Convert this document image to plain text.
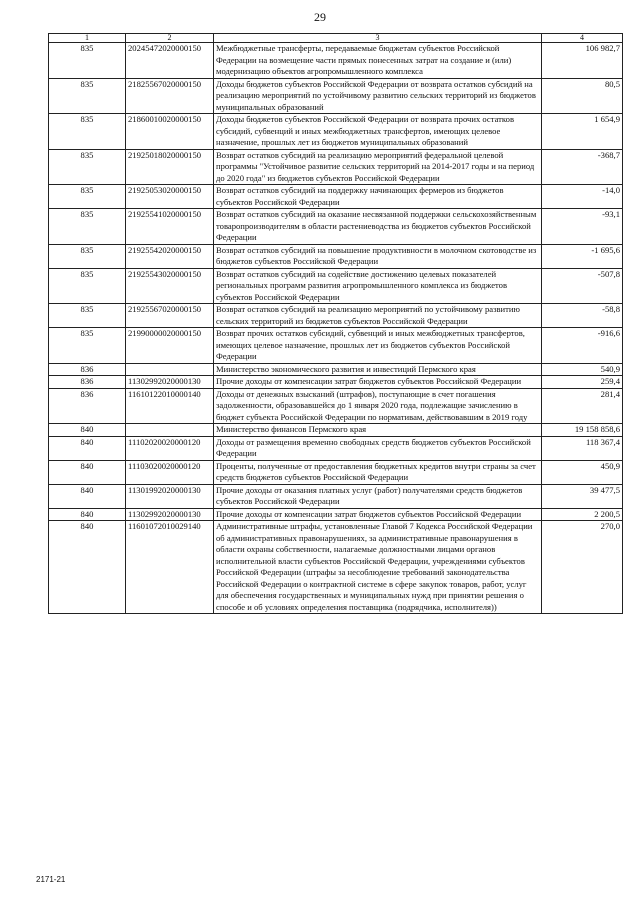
29
1	2	3	4
835	20245472020000150	Межбюджетные трансферты, передаваемые бюджетам субъектов Российской Федерации на возмещение части прямых понесенных затрат на создание и (или) модернизацию объектов агропромышленного комплекса	106 982,7
835	21825567020000150	Доходы бюджетов субъектов Российской Федерации от возврата остатков субсидий на реализацию мероприятий по устойчивому развитию сельских территорий из бюджетов муниципальных образований	80,5
835	21860010020000150	Доходы бюджетов субъектов Российской Федерации от возврата прочих остатков субсидий, субвенций и иных межбюджетных трансфертов, имеющих целевое назначение, прошлых лет из бюджетов муниципальных образований	1 654,9
835	21925018020000150	Возврат остатков субсидий на реализацию мероприятий федеральной целевой программы "Устойчивое развитие сельских территорий на 2014-2017 годы и на период до 2020 года" из бюджетов субъектов Российской Федерации	-368,7
835	21925053020000150	Возврат остатков субсидий на поддержку начинающих фермеров из бюджетов субъектов Российской Федерации	-14,0
835	21925541020000150	Возврат остатков субсидий на оказание несвязанной поддержки сельскохозяйственным товаропроизводителям в области растениеводства из бюджетов субъектов Российской Федерации	-93,1
835	21925542020000150	Возврат остатков субсидий на повышение продуктивности в молочном скотоводстве из бюджетов субъектов Российской Федерации	-1 695,6
835	21925543020000150	Возврат остатков субсидий на содействие достижению целевых показателей региональных программ развития агропромышленного комплекса из бюджетов субъектов Российской Федерации	-507,8
835	21925567020000150	Возврат остатков субсидий на реализацию мероприятий по устойчивому развитию сельских территорий из бюджетов субъектов Российской Федерации	-58,8
835	21990000020000150	Возврат прочих остатков субсидий, субвенций и иных межбюджетных трансфертов, имеющих целевое назначение, прошлых лет из бюджетов субъектов Российской Федерации	-916,6
836		Министерство экономического развития и инвестиций Пермского края	540,9
836	11302992020000130	Прочие доходы от компенсации затрат бюджетов субъектов Российской Федерации	259,4
836	11610122010000140	Доходы от денежных взысканий (штрафов), поступающие в счет погашения задолженности, образовавшейся до 1 января 2020 года, подлежащие зачислению в бюджет субъекта Российской Федерации по нормативам, действовавшим в 2019 году	281,4
840		Министерство финансов Пермского края	19 158 858,6
840	11102020020000120	Доходы от размещения временно свободных средств бюджетов субъектов Российской Федерации	118 367,4
840	11103020020000120	Проценты, полученные от предоставления бюджетных кредитов внутри страны за счет средств бюджетов субъектов Российской Федерации	450,9
840	11301992020000130	Прочие доходы от оказания платных услуг (работ) получателями средств бюджетов субъектов Российской Федерации	39 477,5
840	11302992020000130	Прочие доходы от компенсации затрат бюджетов субъектов Российской Федерации	2 200,5
840	11601072010029140	Административные штрафы, установленные Главой 7 Кодекса Российской Федерации об административных правонарушениях, за административные правонарушения в области охраны собственности, налагаемые должностными лицами органов исполнительной власти субъектов Российской Федерации, учреждениями субъектов Российской Федерации (штрафы за несоблюдение требований законодательства Российской Федерации о контрактной системе в сфере закупок товаров, работ, услуг для обеспечения государственных и муниципальных нужд при принятии решения о способе и об условиях определения поставщика (подрядчика, исполнителя))	270,0
2171-21
